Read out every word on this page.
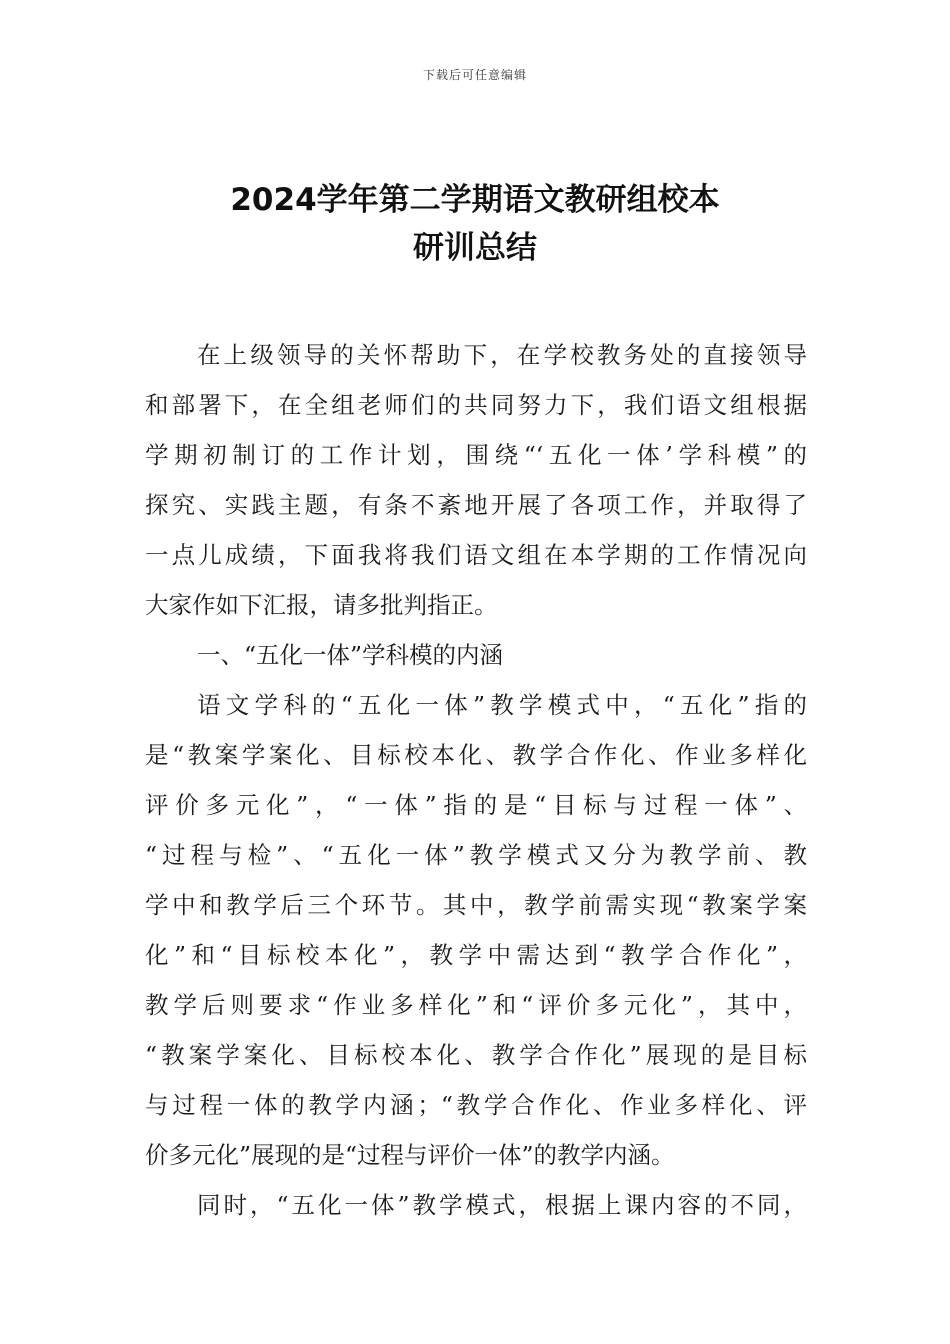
下载后可任意编辑
2024学年第二学期语文教研组校本
研训总结
在上级领导的关怀帮助下，在学校教务处的直接领导
和部署下，在全组老师们的共同努力下，我们语文组根据
学期初制订的工作计划，围绕“‘五化一体’学科模”的
探究、实践主题，有条不紊地开展了各项工作，并取得了
一点儿成绩，下面我将我们语文组在本学期的工作情况向
大家作如下汇报，请多批判指正。
一、“五化一体”学科模的内涵
语文学科的“五化一体”教学模式中，“五化”指的
是“教案学案化、目标校本化、教学合作化、作业多样化
评价多元化”，“一体”指的是“目标与过程一体”、
“过程与检”、“五化一体”教学模式又分为教学前、教
学中和教学后三个环节。其中，教学前需实现“教案学案
化”和“目标校本化”，教学中需达到“教学合作化”，
教学后则要求“作业多样化”和“评价多元化”，其中，
“教案学案化、目标校本化、教学合作化”展现的是目标
与过程一体的教学内涵；“教学合作化、作业多样化、评
价多元化”展现的是“过程与评价一体”的教学内涵。
同时，“五化一体”教学模式，根据上课内容的不同，
